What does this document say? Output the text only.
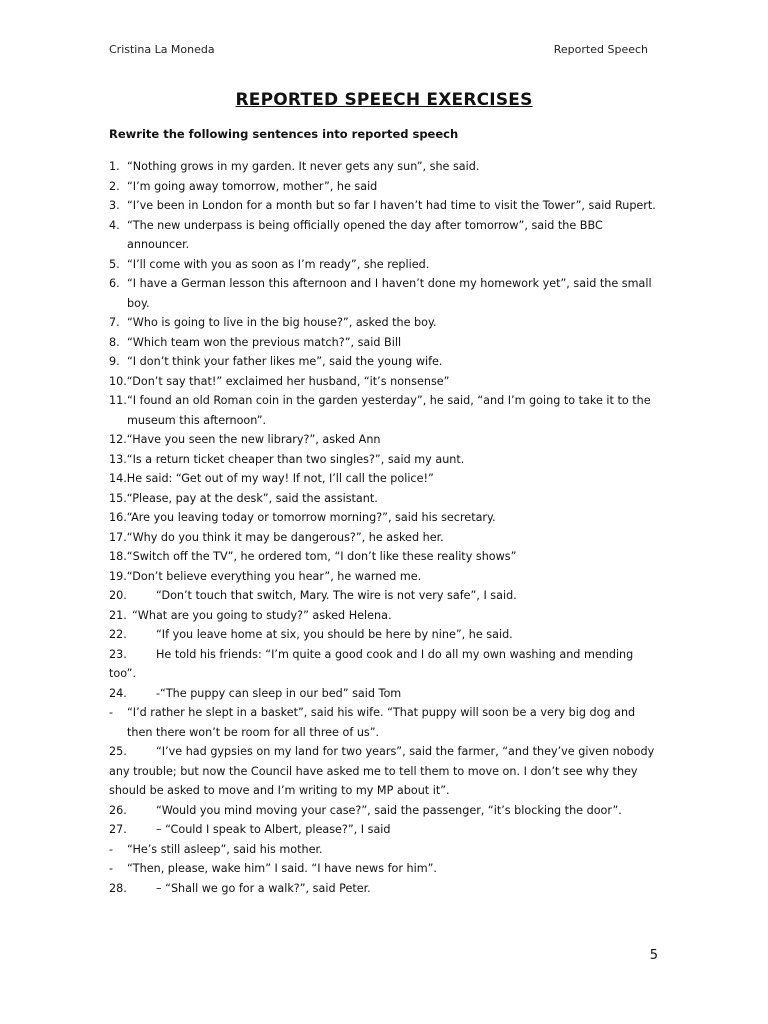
Cristina La Moneda	Reported Speech
REPORTED SPEECH EXERCISES
Rewrite the following sentences into reported speech
1. “Nothing grows in my garden. It never gets any sun”, she said.
2. “I’m going away tomorrow, mother”, he said
3. “I’ve been in London for a month but so far I haven’t had time to visit the Tower”, said Rupert.
4. “The new underpass is being officially opened the day after tomorrow”, said the BBC announcer.
5. “I’ll come with you as soon as I’m ready”, she replied.
6. “I have a German lesson this afternoon and I haven’t done my homework yet”, said the small boy.
7. “Who is going to live in the big house?”, asked the boy.
8. “Which team won the previous match?”, said Bill
9. “I don’t think your father likes me”, said the young wife.
10. “Don’t say that!” exclaimed her husband, “it’s nonsense”
11. “I found an old Roman coin in the garden yesterday”, he said, “and I’m going to take it to the museum this afternoon”.
12. “Have you seen the new library?”, asked Ann
13. “Is a return ticket cheaper than two singles?”, said my aunt.
14. He said: “Get out of my way! If not, I’ll call the police!”
15. “Please, pay at the desk”, said the assistant.
16. “Are you leaving today or tomorrow morning?”, said his secretary.
17. “Why do you think it may be dangerous?”, he asked her.
18. “Switch off the TV”, he ordered tom, “I don’t like these reality shows”
19. “Don’t believe everything you hear”, he warned me.
20.	“Don’t touch that switch, Mary. The wire is not very safe”, I said.
21. “What are you going to study?” asked Helena.
22.	“If you leave home at six, you should be here by nine”, he said.
23.	He told his friends: “I’m quite a good cook and I do all my own washing and mending too”.
24.	-“The puppy can sleep in our bed” said Tom
-	“I’d rather he slept in a basket”, said his wife. “That puppy will soon be a very big dog and then there won’t be room for all three of us”.
25.	“I’ve had gypsies on my land for two years”, said the farmer, “and they’ve given nobody any trouble; but now the Council have asked me to tell them to move on. I don’t see why they should be asked to move and I’m writing to my MP about it”.
26.	“Would you mind moving your case?”, said the passenger, “it’s blocking the door”.
27.	– “Could I speak to Albert, please?”, I said
-	“He’s still asleep”, said his mother.
-	“Then, please, wake him” I said. “I have news for him”.
28.	– “Shall we go for a walk?”, said Peter.
5
